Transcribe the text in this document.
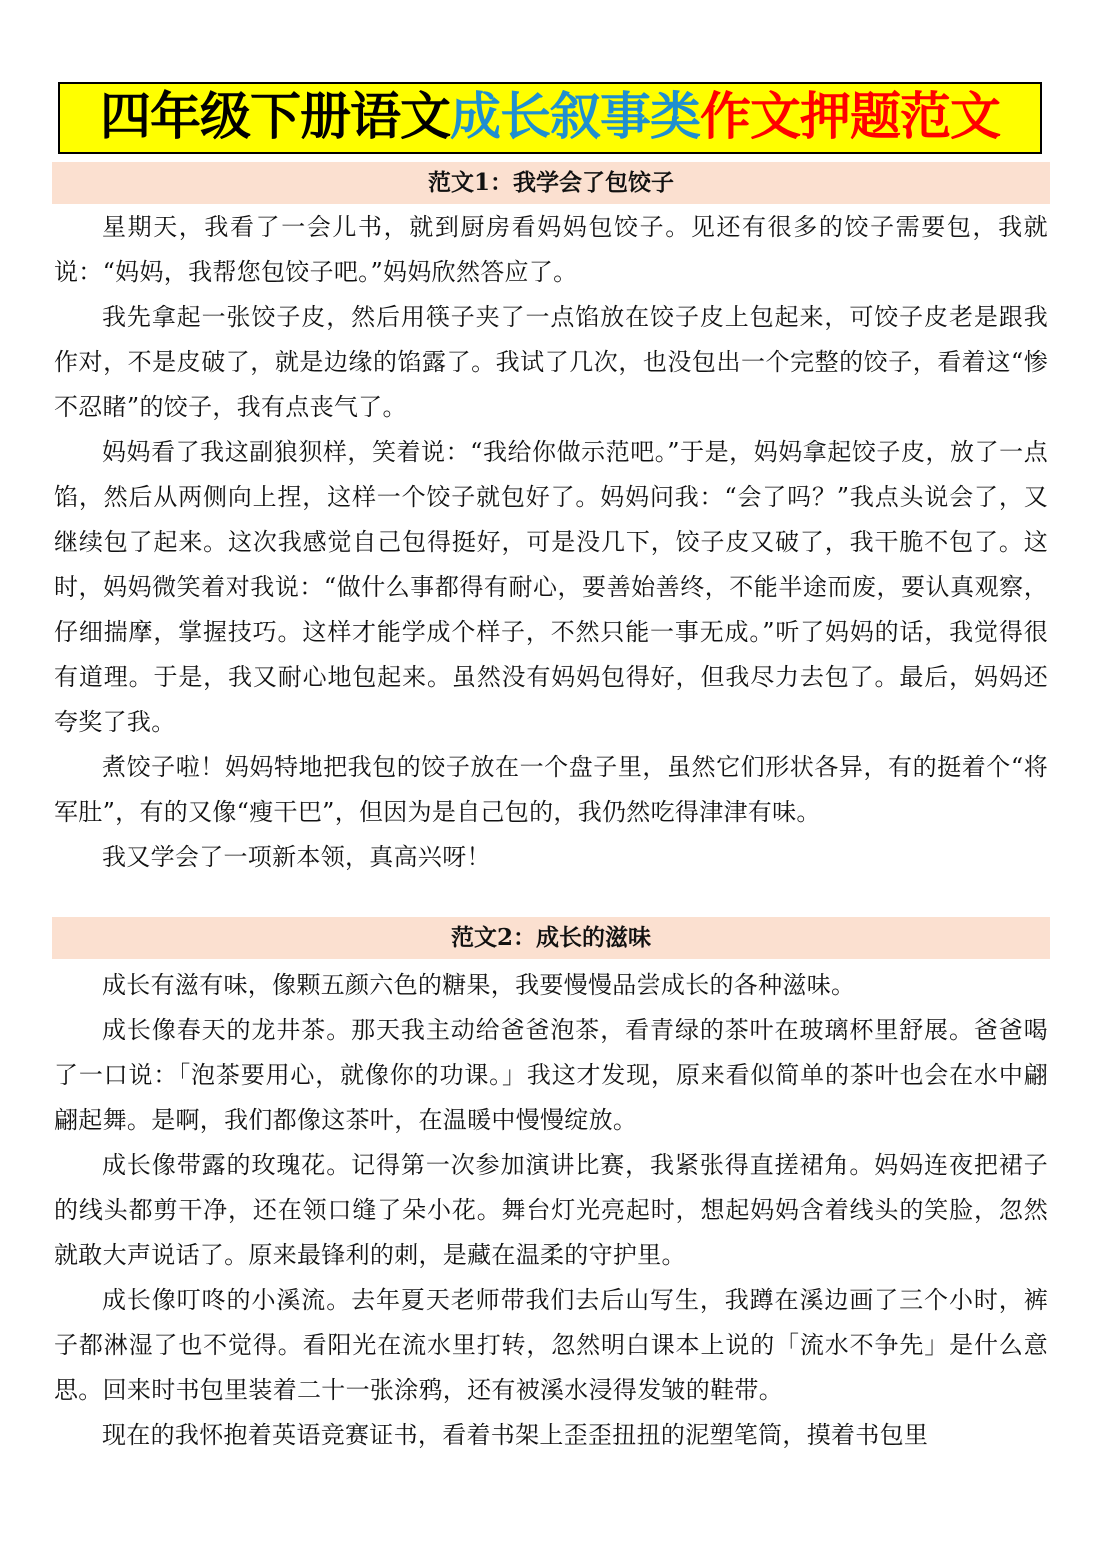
四年级下册语文 成长叙事类 作文押题范文
范文1：我学会了包饺子

星期天，我看了一会儿书，就到厨房看妈妈包饺子。见还有很多的饺子需要包，我就说：“妈妈，我帮您包饺子吧。”妈妈欣然答应了。

我先拿起一张饺子皮，然后用筷子夹了一点馅放在饺子皮上包起来，可饺子皮老是跟我作对，不是皮破了，就是边缘的馅露了。我试了几次，也没包出一个完整的饺子，看着这“惨不忍睹”的饺子，我有点丧气了。

妈妈看了我这副狼狈样，笑着说：“我给你做示范吧。”于是，妈妈拿起饺子皮，放了一点馅，然后从两侧向上捏，这样一个饺子就包好了。妈妈问我：“会了吗？”我点头说会了，又继续包了起来。这次我感觉自己包得挺好，可是没几下，饺子皮又破了，我干脆不包了。这时，妈妈微笑着对我说：“做什么事都得有耐心，要善始善终，不能半途而废，要认真观察，仔细揣摩，掌握技巧。这样才能学成个样子，不然只能一事无成。”听了妈妈的话，我觉得很有道理。于是，我又耐心地包起来。虽然没有妈妈包得好，但我尽力去包了。最后，妈妈还夸奖了我。

煮饺子啦！妈妈特地把我包的饺子放在一个盘子里，虽然它们形状各异，有的挺着个“将军肚”，有的又像“瘦干巴”，但因为是自己包的，我仍然吃得津津有味。

我又学会了一项新本领，真高兴呀！

范文2：成长的滋味

成长有滋有味，像颗五颜六色的糖果，我要慢慢品尝成长的各种滋味。

成长像春天的龙井茶。那天我主动给爸爸泡茶，看青绿的茶叶在玻璃杯里舒展。爸爸喝了一口说：「泡茶要用心，就像你的功课。」我这才发现，原来看似简单的茶叶也会在水中翩翩起舞。是啊，我们都像这茶叶，在温暖中慢慢绽放。

成长像带露的玫瑰花。记得第一次参加演讲比赛，我紧张得直搓裙角。妈妈连夜把裙子的线头都剪干净，还在领口缝了朵小花。舞台灯光亮起时，想起妈妈含着线头的笑脸，忽然就敢大声说话了。原来最锋利的刺，是藏在温柔的守护里。

成长像叮咚的小溪流。去年夏天老师带我们去后山写生，我蹲在溪边画了三个小时，裤子都淋湿了也不觉得。看阳光在流水里打转，忽然明白课本上说的「流水不争先」是什么意思。回来时书包里装着二十一张涂鸦，还有被溪水浸得发皱的鞋带。

现在的我怀抱着英语竞赛证书，看着书架上歪歪扭扭的泥塑笔筒，摸着书包里
